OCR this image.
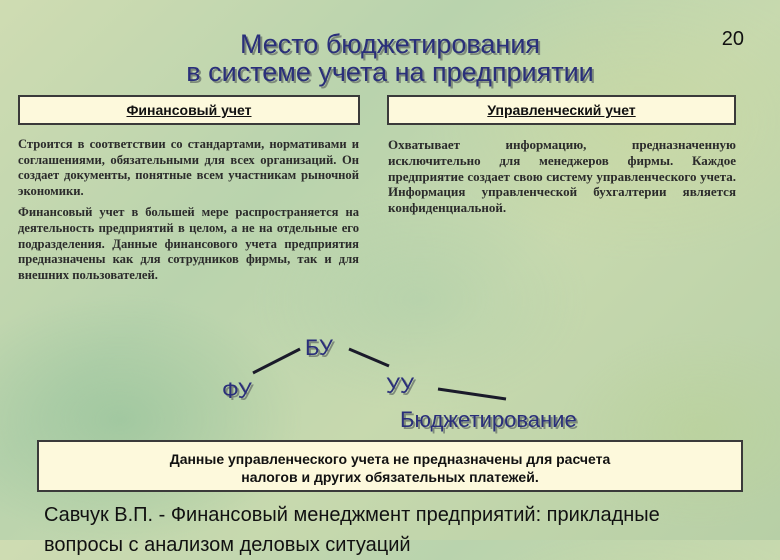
Место бюджетирования
в системе учета на предприятии
20
Финансовый учет	Управленческий учет

Строится в соответствии со стандартами, нормативами и соглашениями, обязательными для всех организаций. Он создает документы, понятные всем участникам рыночной экономики.

Финансовый учет в большей мере распространяется на деятельность предприятий в целом, а не на отдельные его подразделения. Данные финансового учета предприятия предназначены как для сотрудников фирмы, так и для внешних пользователей.

Охватывает информацию, предназначенную исключительно для менеджеров фирмы. Каждое предприятие создает свою систему управленческого учета. Информация управленческой бухгалтерии является конфиденциальной.

БУ
ФУ	УУ
Бюджетирование
Данные управленческого учета не предназначены для расчета
налогов и других обязательных платежей.
Савчук В.П. - Финансовый менеджмент предприятий: прикладные
вопросы с анализом деловых ситуаций
